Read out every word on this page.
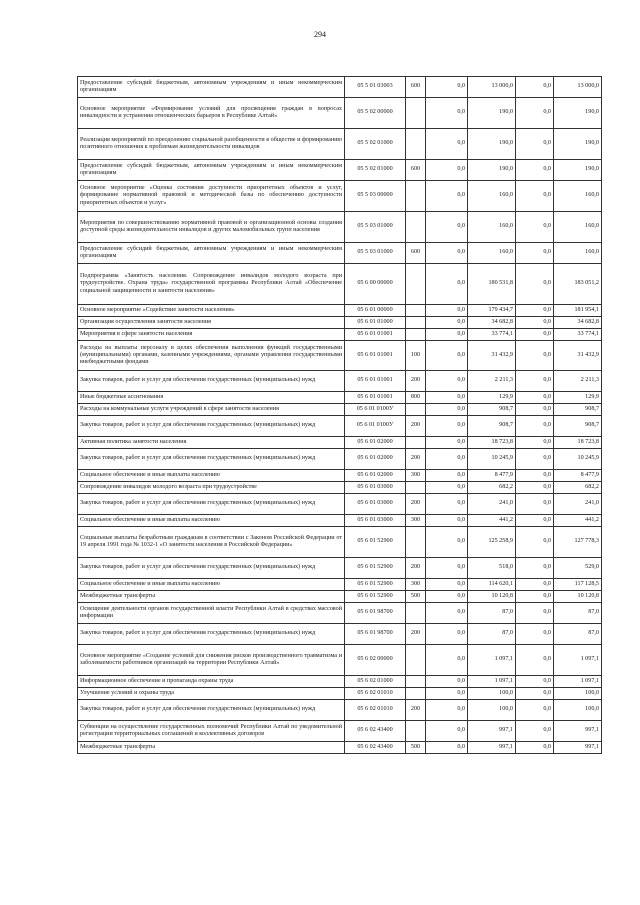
294
Предоставление субсидий бюджетным, автономным учреждениям и иным некоммерческим организациям	05 5 01 03003	600	0,0	13 000,0	0,0	13 000,0
Основное мероприятие «Формирование условий для просвещения граждан в вопросах инвалидности и устранения отношенческих барьеров в Республике Алтай»	05 5 02 00000		0,0	190,0	0,0	190,0
Реализация мероприятий по преодолению социальной разобщенности в обществе и формированию позитивного отношения к проблемам жизнедеятельности инвалидов	05 5 02 01000		0,0	190,0	0,0	190,0
Предоставление субсидий бюджетным, автономным учреждениям и иным некоммерческим организациям	05 5 02 01000	600	0,0	190,0	0,0	190,0
Основное мероприятие «Оценка состояния доступности приоритетных объектов и услуг, формирование нормативной правовой и методической базы по обеспечению доступности приоритетных объектов и услуг»	05 5 03 00000		0,0	160,0	0,0	160,0
Мероприятия по совершенствованию нормативной правовой и организационной основы создания доступной среды жизнедеятельности инвалидов и других маломобильных групп населения	05 5 03 01000		0,0	160,0	0,0	160,0
Предоставление субсидий бюджетным, автономным учреждениям и иным некоммерческим организациям	05 5 03 01000	600	0,0	160,0	0,0	160,0
Подпрограмма «Занятость населения. Сопровождение инвалидов молодого возраста при трудоустройстве. Охрана труда» государственной программы Республики Алтай «Обеспечение социальной защищенности и занятости населения»	05 6 00 00000		0,0	180 531,8	0,0	183 051,2
Основное мероприятие «Содействие занятости населения»	05 6 01 00000		0,0	179 434,7	0,0	181 954,1
Организация осуществления занятости населения	05 6 01 01000		0,0	34 682,8	0,0	34 682,8
Мероприятия в сфере занятости населения	05 6 01 01001		0,0	33 774,1	0,0	33 774,1
Расходы на выплаты персоналу в целях обеспечения выполнения функций государственными (муниципальными) органами, казенными учреждениями, органами управления государственными внебюджетными фондами	05 6 01 01001	100	0,0	31 432,9	0,0	31 432,9
Закупка товаров, работ и услуг для обеспечения государственных (муниципальных) нужд	05 6 01 01001	200	0,0	2 211,3	0,0	2 211,3
Иные бюджетные ассигнования	05 6 01 01001	800	0,0	129,9	0,0	129,9
Расходы на коммунальные услуги учреждений в сфере занятости населения	05 6 01 0100У		0,0	908,7	0,0	908,7
Закупка товаров, работ и услуг для обеспечения государственных (муниципальных) нужд	05 6 01 0100У	200	0,0	908,7	0,0	908,7
Активная политика занятости населения	05 6 01 02000		0,0	18 723,8	0,0	18 723,8
Закупка товаров, работ и услуг для обеспечения государственных (муниципальных) нужд	05 6 01 02000	200	0,0	10 245,9	0,0	10 245,9
Социальное обеспечение и иные выплаты населению	05 6 01 02000	300	0,0	8 477,9	0,0	8 477,9
Сопровождение инвалидов молодого возраста при трудоустройстве	05 6 01 03000		0,0	682,2	0,0	682,2
Закупка товаров, работ и услуг для обеспечения государственных (муниципальных) нужд	05 6 01 03000	200	0,0	241,0	0,0	241,0
Социальное обеспечение и иные выплаты населению	05 6 01 03000	300	0,0	441,2	0,0	441,2
Социальные выплаты безработным гражданам в соответствии с Законом Российской Федерации от 19 апреля 1991 года № 1032-1 «О занятости населения в Российской Федерации»	05 6 01 52900		0,0	125 258,9	0,0	127 778,3
Закупка товаров, работ и услуг для обеспечения государственных (муниципальных) нужд	05 6 01 52900	200	0,0	518,0	0,0	529,0
Социальное обеспечение и иные выплаты населению	05 6 01 52900	300	0,0	114 620,1	0,0	117 128,5
Межбюджетные трансферты	05 6 01 52900	500	0,0	10 120,8	0,0	10 120,8
Освещение деятельности органов государственной власти Республики Алтай в средствах массовой информации	05 6 01 98700		0,0	87,0	0,0	87,0
Закупка товаров, работ и услуг для обеспечения государственных (муниципальных) нужд	05 6 01 98700	200	0,0	87,0	0,0	87,0
Основное мероприятие «Создание условий для снижения рисков производственного травматизма и заболеваемости работников организаций на территории Республики Алтай»	05 6 02 00000		0,0	1 097,1	0,0	1 097,1
Информационное обеспечение и пропаганда охраны труда	05 6 02 01000		0,0	1 097,1	0,0	1 097,1
Улучшение условий и охраны труда	05 6 02 01010		0,0	100,0	0,0	100,0
Закупка товаров, работ и услуг для обеспечения государственных (муниципальных) нужд	05 6 02 01010	200	0,0	100,0	0,0	100,0
Субвенции на осуществление государственных полномочий Республики Алтай по уведомительной регистрации территориальных соглашений и коллективных договоров	05 6 02 43400		0,0	997,1	0,0	997,1
Межбюджетные трансферты	05 6 02 43400	500	0,0	997,1	0,0	997,1
